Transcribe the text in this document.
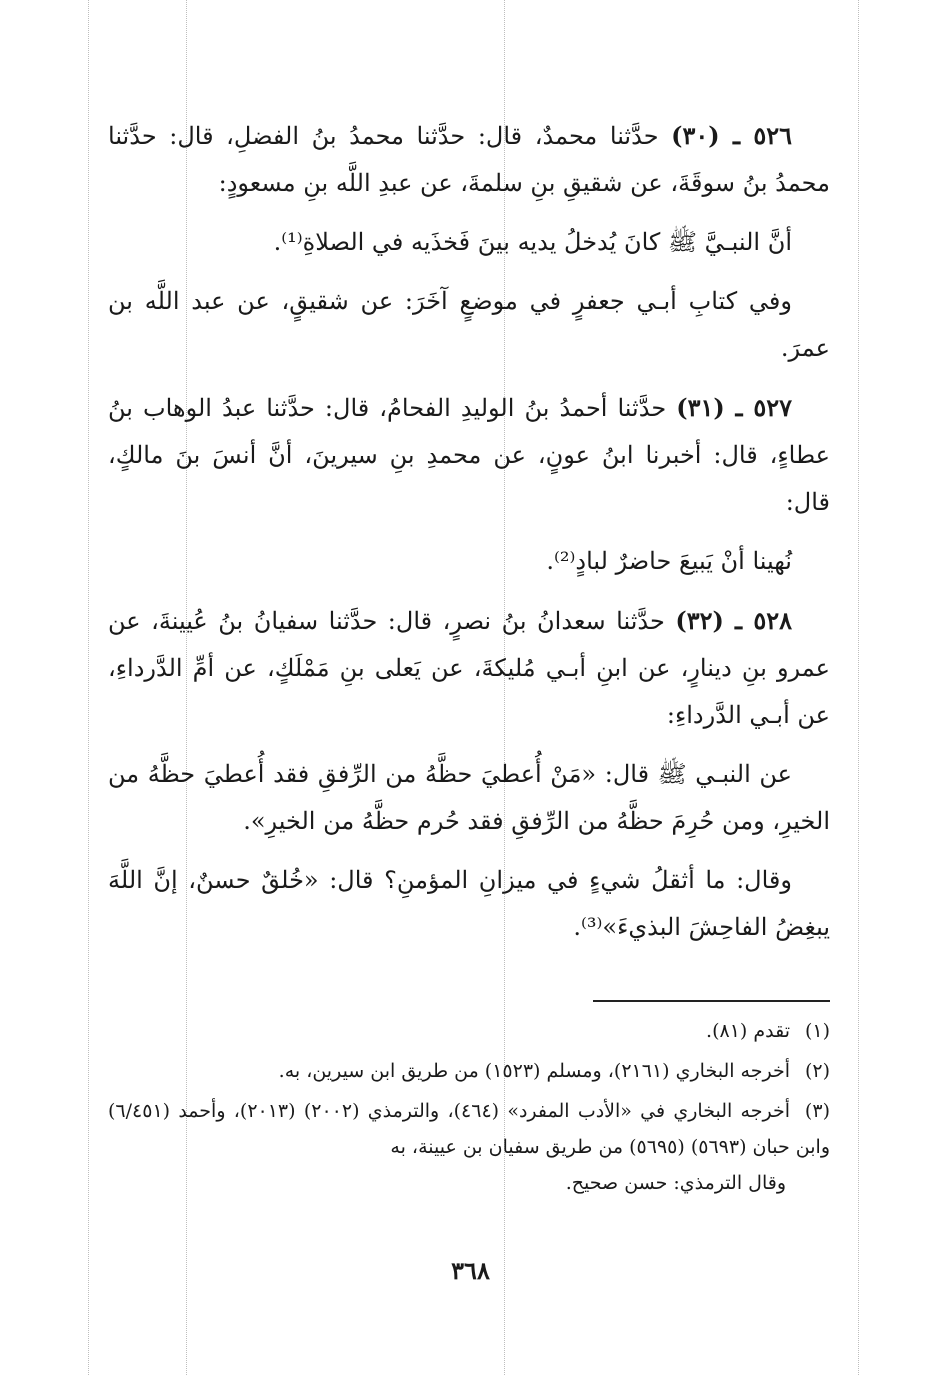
٥٢٦ ـ (٣٠) حدَّثنا محمدٌ، قال: حدَّثنا محمدُ بنُ الفضلِ، قال: حدَّثنا محمدُ بنُ سوقَةَ، عن شقيقِ بنِ سلمةَ، عن عبدِ اللَّه بنِ مسعودٍ:

أنَّ النبـيَّ ﷺ كانَ يُدخلُ يديه بينَ فَخذَيه في الصلاةِ⁽¹⁾.

وفي كتابِ أبـي جعفرٍ في موضعٍ آخَرَ: عن شقيقٍ، عن عبد اللَّه بن عمرَ.

٥٢٧ ـ (٣١) حدَّثنا أحمدُ بنُ الوليدِ الفحامُ، قال: حدَّثنا عبدُ الوهاب بنُ عطاءٍ، قال: أخبرنا ابنُ عونٍ، عن محمدِ بنِ سيرينَ، أنَّ أنسَ بنَ مالكٍ، قال:

نُهينا أنْ يَبيعَ حاضرٌ لبادٍ⁽²⁾.

٥٢٨ ـ (٣٢) حدَّثنا سعدانُ بنُ نصرٍ، قال: حدَّثنا سفيانُ بنُ عُيينةَ، عن عمرو بنِ دينارٍ، عن ابنِ أبـي مُليكةَ، عن يَعلى بنِ مَمْلَكٍ، عن أمِّ الدَّرداءِ، عن أبـي الدَّرداءِ:

عن النبـي ﷺ قال: «مَنْ أُعطيَ حظَّهُ من الرِّفقِ فقد أُعطيَ حظَّهُ من الخيرِ، ومن حُرِمَ حظَّهُ من الرِّفقِ فقد حُرم حظَّهُ من الخيرِ».

وقال: ما أثقلُ شيءٍ في ميزانِ المؤمنِ؟ قال: «خُلقٌ حسنٌ، إنَّ اللَّهَ يبغِضُ الفاحِشَ البذيءَ»⁽³⁾.

(١)تقدم (٨١).

(٢)أخرجه البخاري (٢١٦١)، ومسلم (١٥٢٣) من طريق ابن سيرين، به.

(٣)أخرجه البخاري في «الأدب المفرد» (٤٦٤)، والترمذي (٢٠٠٢) (٢٠١٣)، وأحمد (٦/٤٥١) وابن حبان (٥٦٩٣) (٥٦٩٥) من طريق سفيان بن عيينة، به
وقال الترمذي: حسن صحيح.

٣٦٨
